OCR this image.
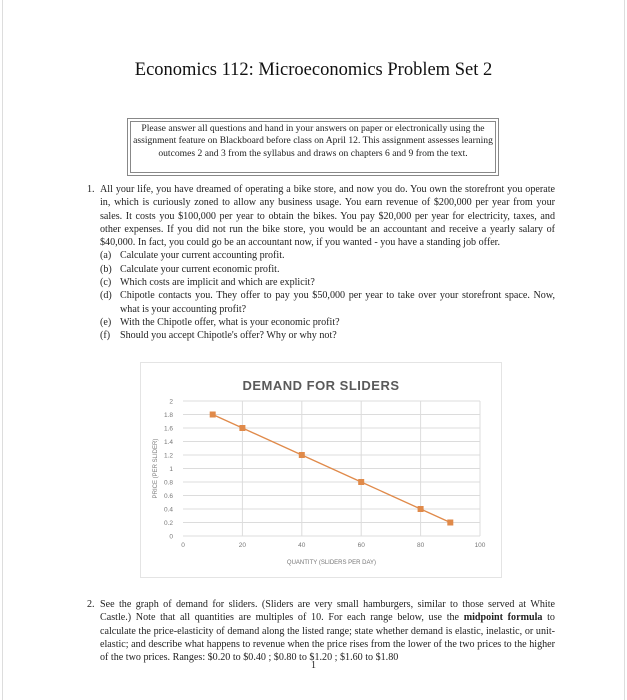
Economics 112: Microeconomics Problem Set 2
Please answer all questions and hand in your answers on paper or electronically using the assignment feature on Blackboard before class on April 12. This assignment assesses learning outcomes 2 and 3 from the syllabus and draws on chapters 6 and 9 from the text.
1. All your life, you have dreamed of operating a bike store, and now you do. You own the storefront you operate in, which is curiously zoned to allow any business usage. You earn revenue of $200,000 per year from your sales. It costs you $100,000 per year to obtain the bikes. You pay $20,000 per year for electricity, taxes, and other expenses. If you did not run the bike store, you would be an accountant and receive a yearly salary of $40,000. In fact, you could go be an accountant now, if you wanted - you have a standing job offer.
(a) Calculate your current accounting profit.
(b) Calculate your current economic profit.
(c) Which costs are implicit and which are explicit?
(d) Chipotle contacts you. They offer to pay you $50,000 per year to take over your storefront space. Now, what is your accounting profit?
(e) With the Chipotle offer, what is your economic profit?
(f) Should you accept Chipotle's offer? Why or why not?
DEMAND FOR SLIDERS
0
0.2
0.4
0.6
0.8
1
1.2
1.4
1.6
1.8
2
0	20	40	60	80	100
QUANTITY (SLIDERS PER DAY)
PRICE (PER SLIDER)
2. See the graph of demand for sliders. (Sliders are very small hamburgers, similar to those served at White Castle.) Note that all quantities are multiples of 10. For each range below, use the midpoint formula to calculate the price-elasticity of demand along the listed range; state whether demand is elastic, inelastic, or unit-elastic; and describe what happens to revenue when the price rises from the lower of the two prices to the higher of the two prices. Ranges: $0.20 to $0.40 ; $0.80 to $1.20 ; $1.60 to $1.80
1
